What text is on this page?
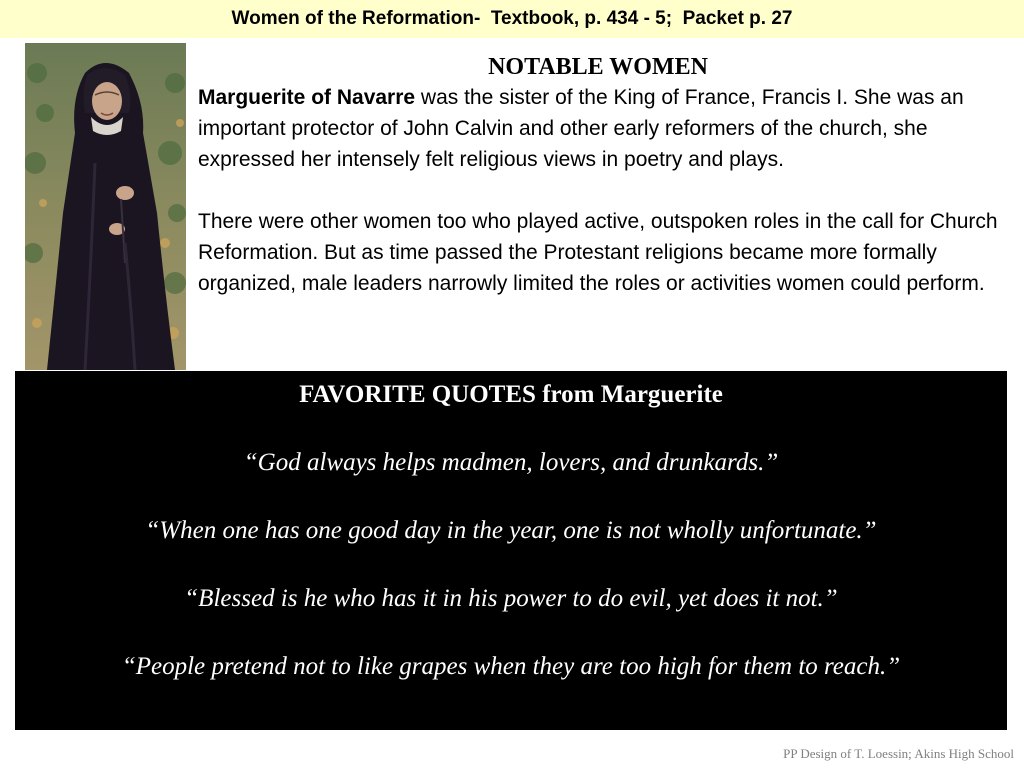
Women of the Reformation-  Textbook, p. 434 - 5;  Packet p. 27
NOTABLE WOMEN

Marguerite of Navarre was the sister of the King of France, Francis I. She was an important protector of John Calvin and other early reformers of the church, she expressed her intensely felt religious views in poetry and plays.

There were other women too who played active, outspoken roles in the call for Church Reformation. But as time passed the Protestant religions became more formally organized, male leaders narrowly limited the roles or activities women could perform.

FAVORITE QUOTES from Marguerite
“God always helps madmen, lovers, and drunkards.”
“When one has one good day in the year, one is not wholly unfortunate.”
“Blessed is he who has it in his power to do evil, yet does it not.”
“People pretend not to like grapes when they are too high for them to reach.”
PP Design of T. Loessin; Akins High School
